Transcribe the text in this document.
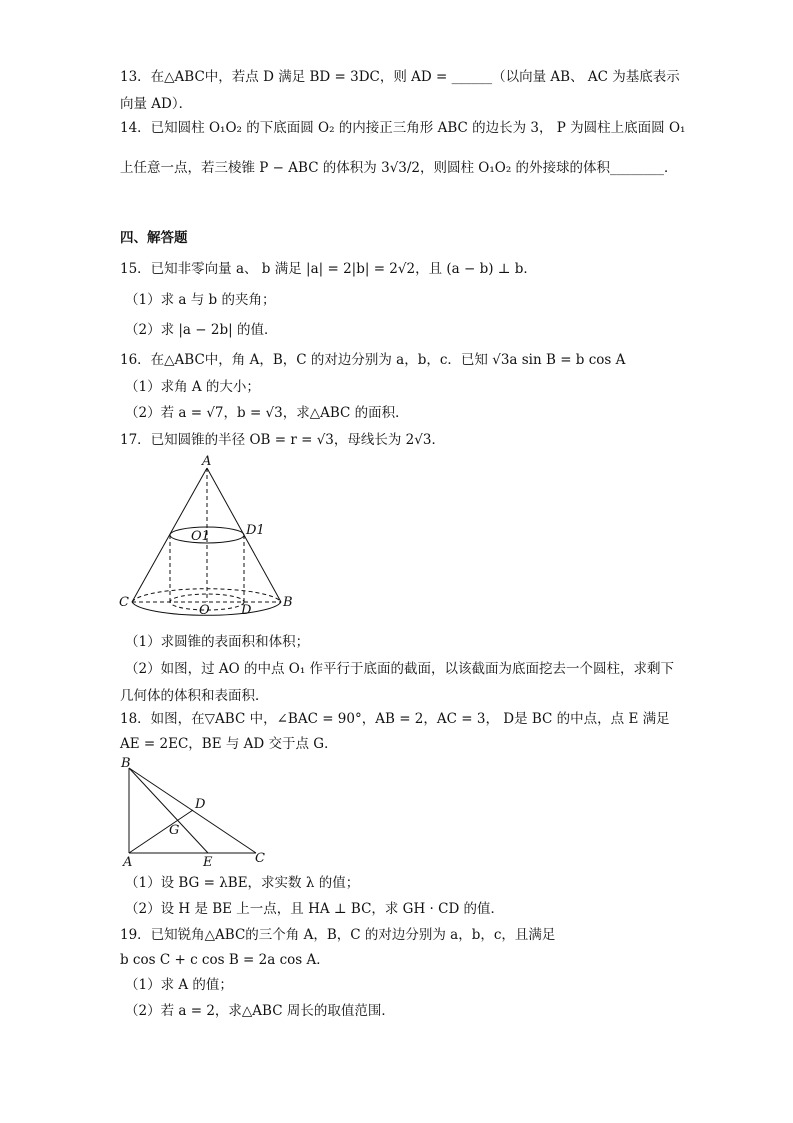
13．在△ABC中，若点 D 满足 BD = 3DC，则 AD = ______（以向量 AB、 AC 为基底表示
向量 AD）．
14．已知圆柱 O₁O₂ 的下底面圆 O₂ 的内接正三角形 ABC 的边长为 3， P 为圆柱上底面圆 O₁
上任意一点，若三棱锥 P − ABC 的体积为 3√3/2，则圆柱 O₁O₂ 的外接球的体积________．
四、解答题
15．已知非零向量 a、 b 满足 |a| = 2|b| = 2√2，且 (a − b) ⊥ b．
（1）求 a 与 b 的夹角；
（2）求 |a − 2b| 的值．
16．在△ABC中，角 A，B，C 的对边分别为 a，b，c．已知 √3a sin B = b cos A
（1）求角 A 的大小；
（2）若 a = √7，b = √3，求△ABC 的面积．
17．已知圆锥的半径 OB = r = √3，母线长为 2√3．
A
O1	D1
C
O D
B
（1）求圆锥的表面积和体积；
（2）如图，过 AO 的中点 O₁ 作平行于底面的截面，以该截面为底面挖去一个圆柱，求剩下
几何体的体积和表面积．
18．如图，在▽ABC 中，∠BAC = 90°，AB = 2，AC = 3， D是 BC 的中点，点 E 满足
AE = 2EC，BE 与 AD 交于点 G．
B
D
G
A	E	C
（1）设 BG = λBE，求实数 λ 的值；
（2）设 H 是 BE 上一点，且 HA ⊥ BC，求 GH · CD 的值．
19．已知锐角△ABC的三个角 A，B，C 的对边分别为 a，b，c，且满足
b cos C + c cos B = 2a cos A．
（1）求 A 的值；
（2）若 a = 2，求△ABC 周长的取值范围．
